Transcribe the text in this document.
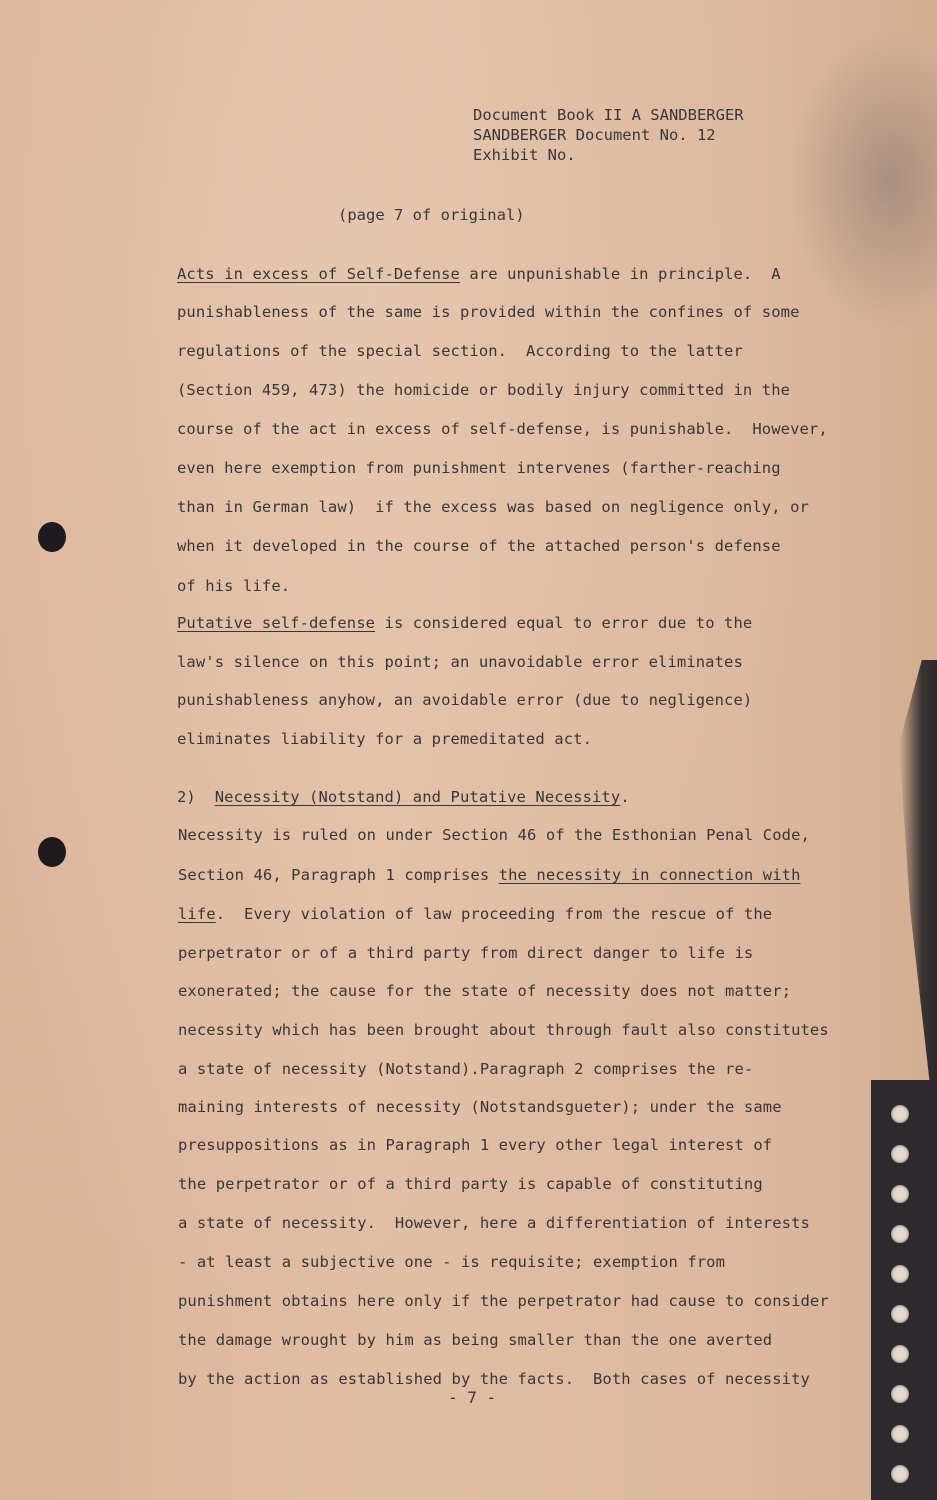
Document Book II A SANDBERGER
SANDBERGER Document No. 12
Exhibit No.
(page 7 of original)
Acts in excess of Self-Defense are unpunishable in principle.  A
punishableness of the same is provided within the confines of some
regulations of the special section.  According to the latter
(Section 459, 473) the homicide or bodily injury committed in the
course of the act in excess of self-defense, is punishable.  However,
even here exemption from punishment intervenes (farther-reaching
than in German law)  if the excess was based on negligence only, or
when it developed in the course of the attached person's defense
of his life.
Putative self-defense is considered equal to error due to the
law's silence on this point; an unavoidable error eliminates
punishableness anyhow, an avoidable error (due to negligence)
eliminates liability for a premeditated act.
2)  Necessity (Notstand) and Putative Necessity.
Necessity is ruled on under Section 46 of the Esthonian Penal Code,
Section 46, Paragraph 1 comprises the necessity in connection with
life.  Every violation of law proceeding from the rescue of the
perpetrator or of a third party from direct danger to life is
exonerated; the cause for the state of necessity does not matter;
necessity which has been brought about through fault also constitutes
a state of necessity (Notstand).Paragraph 2 comprises the re-
maining interests of necessity (Notstandsgueter); under the same
presuppositions as in Paragraph 1 every other legal interest of
the perpetrator or of a third party is capable of constituting
a state of necessity.  However, here a differentiation of interests
- at least a subjective one - is requisite; exemption from
punishment obtains here only if the perpetrator had cause to consider
the damage wrought by him as being smaller than the one averted
by the action as established by the facts.  Both cases of necessity
- 7 -
